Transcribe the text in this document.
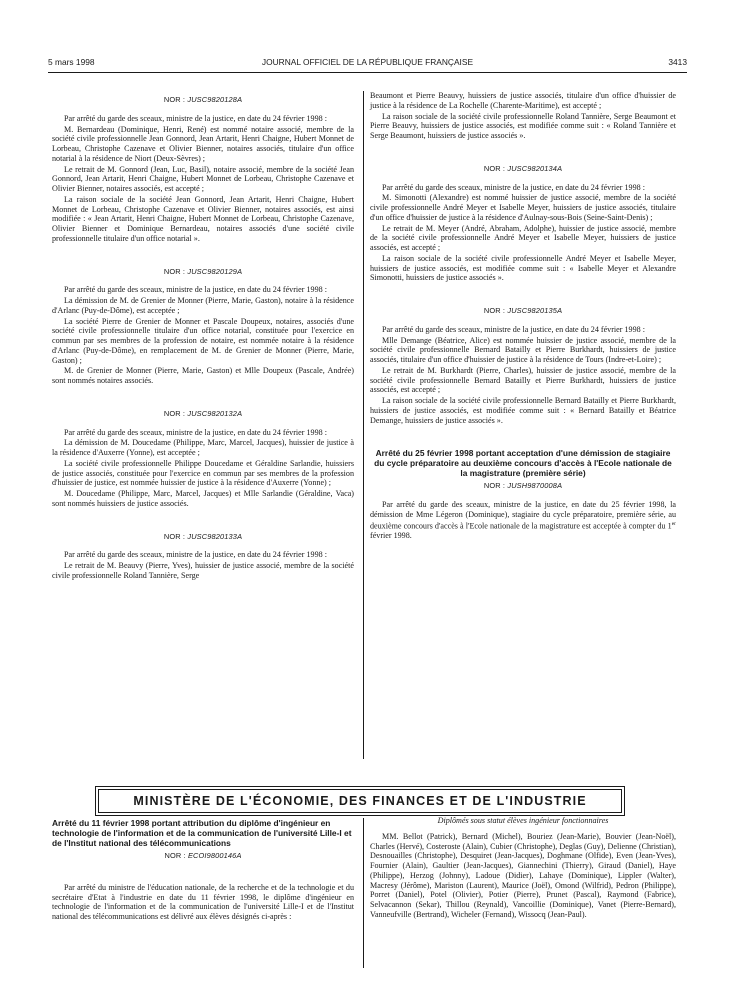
5 mars 1998	JOURNAL OFFICIEL DE LA RÉPUBLIQUE FRANÇAISE	3413
NOR : JUSC9820128A

Par arrêté du garde des sceaux, ministre de la justice, en date du 24 février 1998 :

M. Bernardeau (Dominique, Henri, René) est nommé notaire associé, membre de la société civile professionnelle Jean Gonnord, Jean Artarit, Henri Chaigne, Hubert Monnet de Lorbeau, Christophe Cazenave et Olivier Bienner, notaires associés, titulaire d'un office notarial à la résidence de Niort (Deux-Sèvres) ;

Le retrait de M. Gonnord (Jean, Luc, Basil), notaire associé, membre de la société Jean Gonnord, Jean Artarit, Henri Chaigne, Hubert Monnet de Lorbeau, Christophe Cazenave et Olivier Bienner, notaires associés, est accepté ;

La raison sociale de la société Jean Gonnord, Jean Artarit, Henri Chaigne, Hubert Monnet de Lorbeau, Christophe Cazenave et Olivier Bienner, notaires associés, est ainsi modifiée : « Jean Artarit, Henri Chaigne, Hubert Monnet de Lorbeau, Christophe Cazenave, Olivier Bienner et Dominique Bernardeau, notaires associés d'une société civile professionnelle titulaire d'un office notarial ».

NOR : JUSC9820129A

Par arrêté du garde des sceaux, ministre de la justice, en date du 24 février 1998 :

La démission de M. de Grenier de Monner (Pierre, Marie, Gaston), notaire à la résidence d'Arlanc (Puy-de-Dôme), est acceptée ;

La société Pierre de Grenier de Monner et Pascale Doupeux, notaires, associés d'une société civile professionnelle titulaire d'un office notarial, constituée pour l'exercice en commun par ses membres de la profession de notaire, est nommée notaire à la résidence d'Arlanc (Puy-de-Dôme), en remplacement de M. de Grenier de Monner (Pierre, Marie, Gaston) ;

M. de Grenier de Monner (Pierre, Marie, Gaston) et Mlle Doupeux (Pascale, Andrée) sont nommés notaires associés.

NOR : JUSC9820132A

Par arrêté du garde des sceaux, ministre de la justice, en date du 24 février 1998 :

La démission de M. Doucedame (Philippe, Marc, Marcel, Jacques), huissier de justice à la résidence d'Auxerre (Yonne), est acceptée ;

La société civile professionnelle Philippe Doucedame et Géraldine Sarlandie, huissiers de justice associés, constituée pour l'exercice en commun par ses membres de la profession d'huissier de justice, est nommée huissier de justice à la résidence d'Auxerre (Yonne) ;

M. Doucedame (Philippe, Marc, Marcel, Jacques) et Mlle Sarlandie (Géraldine, Vaca) sont nommés huissiers de justice associés.

NOR : JUSC9820133A

Par arrêté du garde des sceaux, ministre de la justice, en date du 24 février 1998 :

Le retrait de M. Beauvy (Pierre, Yves), huissier de justice associé, membre de la société civile professionnelle Roland Tannière, Serge

Beaumont et Pierre Beauvy, huissiers de justice associés, titulaire d'un office d'huissier de justice à la résidence de La Rochelle (Charente-Maritime), est accepté ;

La raison sociale de la société civile professionnelle Roland Tannière, Serge Beaumont et Pierre Beauvy, huissiers de justice associés, est modifiée comme suit : « Roland Tannière et Serge Beaumont, huissiers de justice associés ».

NOR : JUSC9820134A

Par arrêté du garde des sceaux, ministre de la justice, en date du 24 février 1998 :

M. Simonotti (Alexandre) est nommé huissier de justice associé, membre de la société civile professionnelle André Meyer et Isabelle Meyer, huissiers de justice associés, titulaire d'un office d'huissier de justice à la résidence d'Aulnay-sous-Bois (Seine-Saint-Denis) ;

Le retrait de M. Meyer (André, Abraham, Adolphe), huissier de justice associé, membre de la société civile professionnelle André Meyer et Isabelle Meyer, huissiers de justice associés, est accepté ;

La raison sociale de la société civile professionnelle André Meyer et Isabelle Meyer, huissiers de justice associés, est modifiée comme suit : « Isabelle Meyer et Alexandre Simonotti, huissiers de justice associés ».

NOR : JUSC9820135A

Par arrêté du garde des sceaux, ministre de la justice, en date du 24 février 1998 :

Mlle Demange (Béatrice, Alice) est nommée huissier de justice associé, membre de la société civile professionnelle Bernard Batailly et Pierre Burkhardt, huissiers de justice associés, titulaire d'un office d'huissier de justice à la résidence de Tours (Indre-et-Loire) ;

Le retrait de M. Burkhardt (Pierre, Charles), huissier de justice associé, membre de la société civile professionnelle Bernard Batailly et Pierre Burkhardt, huissiers de justice associés, est accepté ;

La raison sociale de la société civile professionnelle Bernard Batailly et Pierre Burkhardt, huissiers de justice associés, est modifiée comme suit : « Bernard Batailly et Béatrice Demange, huissiers de justice associés ».

Arrêté du 25 février 1998 portant acceptation d'une démission de stagiaire du cycle préparatoire au deuxième concours d'accès à l'Ecole nationale de la magistrature (première série)
NOR : JUSH9870008A

Par arrêté du garde des sceaux, ministre de la justice, en date du 25 février 1998, la démission de Mme Légeron (Dominique), stagiaire du cycle préparatoire, première série, au deuxième concours d'accès à l'Ecole nationale de la magistrature est acceptée à compter du 1er février 1998.

MINISTÈRE DE L'ÉCONOMIE, DES FINANCES ET DE L'INDUSTRIE
Arrêté du 11 février 1998 portant attribution du diplôme d'ingénieur en technologie de l'information et de la communication de l'université Lille-I et de l'Institut national des télécommunications
NOR : ECOI9800146A

Par arrêté du ministre de l'éducation nationale, de la recherche et de la technologie et du secrétaire d'Etat à l'industrie en date du 11 février 1998, le diplôme d'ingénieur en technologie de l'information et de la communication de l'université Lille-I et de l'Institut national des télécommunications est délivré aux élèves désignés ci-après :

Diplômés sous statut élèves ingénieur fonctionnaires

MM. Bellot (Patrick), Bernard (Michel), Bouriez (Jean-Marie), Bouvier (Jean-Noël), Charles (Hervé), Costeroste (Alain), Cubier (Christophe), Deglas (Guy), Delienne (Christian), Desnouailles (Christophe), Desquiret (Jean-Jacques), Doghmane (Olfide), Even (Jean-Yves), Fournier (Alain), Gaultier (Jean-Jacques), Giannechini (Thierry), Giraud (Daniel), Haye (Philippe), Herzog (Johnny), Ladoue (Didier), Lahaye (Dominique), Lippler (Walter), Macresy (Jérôme), Mariston (Laurent), Maurice (Joël), Omond (Wilfrid), Pedron (Philippe), Porret (Daniel), Potel (Olivier), Potier (Pierre), Prunet (Pascal), Raymond (Fabrice), Selvacannon (Sekar), Thillou (Reynald), Vancoillie (Dominique), Vanet (Pierre-Bernard), Vanneufville (Bertrand), Wicheler (Fernand), Wissocq (Jean-Paul).
